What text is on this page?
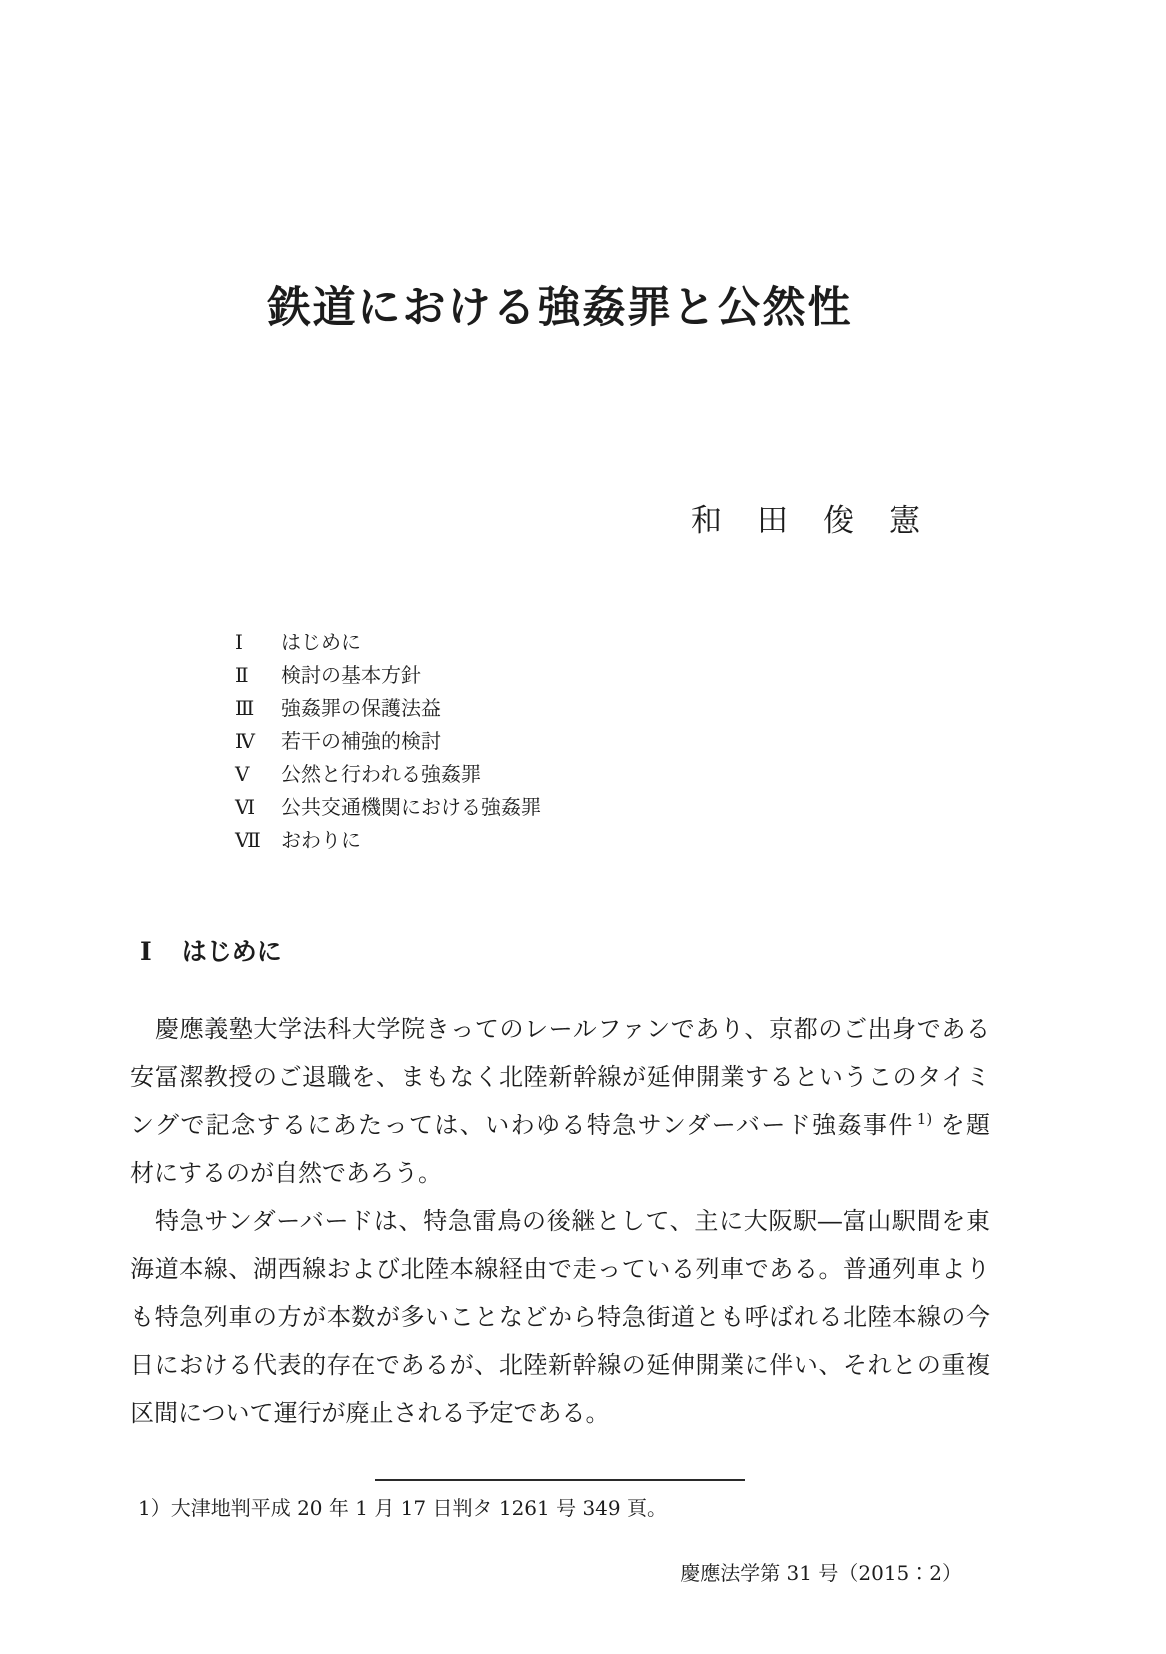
鉄道における強姦罪と公然性
和　田　俊　憲
Ⅰ はじめに
Ⅱ 検討の基本方針
Ⅲ 強姦罪の保護法益
Ⅳ 若干の補強的検討
Ⅴ 公然と行われる強姦罪
Ⅵ 公共交通機関における強姦罪
Ⅶ おわりに
Ⅰ はじめに
慶應義塾大学法科大学院きってのレールファンであり、京都のご出身である
安冨潔教授のご退職を、まもなく北陸新幹線が延伸開業するというこのタイミ
ングで記念するにあたっては、いわゆる特急サンダーバード強姦事件 $^{1)}$ を題
材にするのが自然であろう。
特急サンダーバードは、特急雷鳥の後継として、主に大阪駅―富山駅間を東
海道本線、湖西線および北陸本線経由で走っている列車である。普通列車より
も特急列車の方が本数が多いことなどから特急街道とも呼ばれる北陸本線の今
日における代表的存在であるが、北陸新幹線の延伸開業に伴い、それとの重複
区間について運行が廃止される予定である。
1）大津地判平成 20 年 1 月 17 日判タ 1261 号 349 頁。
慶應法学第 31 号（2015：2）
